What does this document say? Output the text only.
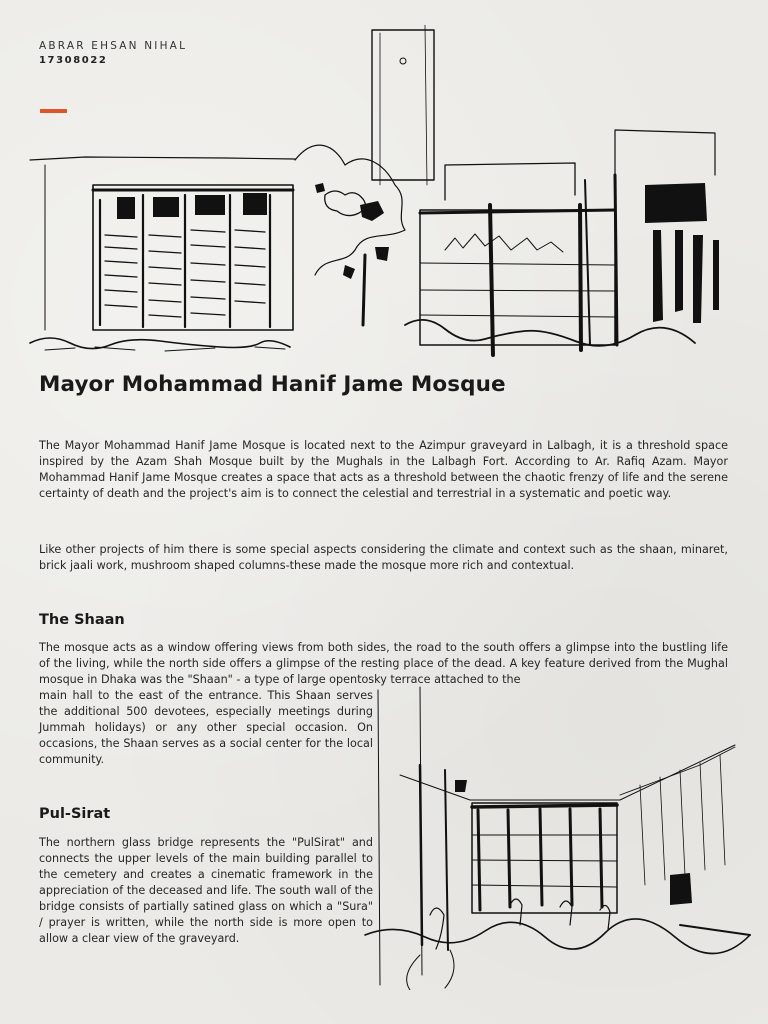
ABRAR EHSAN NIHAL
17308022
Mayor Mohammad Hanif Jame Mosque

The Mayor Mohammad Hanif Jame Mosque is located next to the Azimpur graveyard in Lalbagh, it is a threshold space inspired by the Azam Shah Mosque built by the Mughals in the Lalbagh Fort. According to Ar. Rafiq Azam. Mayor Mohammad Hanif Jame Mosque creates a space that acts as a threshold between the chaotic frenzy of life and the serene certainty of death and the project's aim is to connect the celestial and terrestrial in a systematic and poetic way.

Like other projects of him there is some special aspects considering the climate and context such as the shaan, minaret, brick jaali work, mushroom shaped columns-these made the mosque more rich and contextual.

The Shaan

The mosque acts as a window offering views from both sides, the road to the south offers a glimpse into the bustling life of the living, while the north side offers a glimpse of the resting place of the dead. A key feature derived from the Mughal mosque in Dhaka was the "Shaan" - a type of large opentosky terrace attached to the

main hall to the east of the entrance. This Shaan serves the additional 500 devotees, especially meetings during Jummah holidays) or any other special occasion. On occasions, the Shaan serves as a social center for the local community.

Pul-Sirat

The northern glass bridge represents the "PulSirat" and connects the upper levels of the main building parallel to the cemetery and creates a cinematic framework in the appreciation of the deceased and life. The south wall of the bridge consists of partially satined glass on which a "Sura" / prayer is written, while the north side is more open to allow a clear view of the graveyard.
